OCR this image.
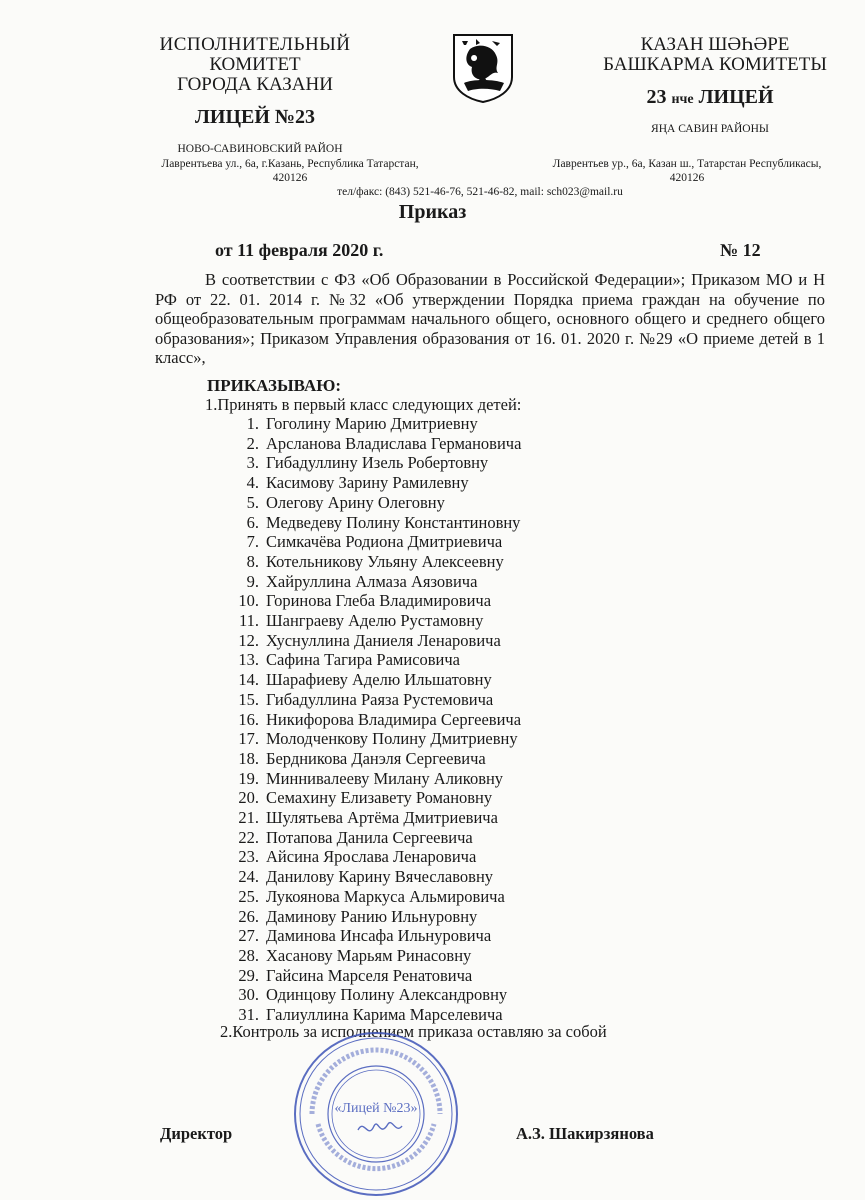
ИСПОЛНИТЕЛЬНЫЙ
КОМИТЕТ
ГОРОДА КАЗАНИ
ЛИЦЕЙ №23
НОВО-САВИНОВСКИЙ РАЙОН
Лаврентьева ул., 6а, г.Казань, Республика Татарстан,
420126
КАЗАН ШӘҺӘРЕ
БАШКАРМА КОМИТЕТЫ
23 нче ЛИЦЕЙ
ЯҢА САВИН РАЙОНЫ
Лаврентьев ур., 6а, Казан ш., Татарстан Республикасы,
420126
тел/факс: (843) 521-46-76, 521-46-82, mail: sch023@mail.ru
Приказ
от 11 февраля 2020 г.	№ 12
В соответствии с ФЗ «Об Образовании в Российской Федерации»; Приказом МО и Н РФ от 22. 01. 2014 г. №32 «Об утверждении Порядка приема граждан на обучение по общеобразовательным программам начального общего, основного общего и среднего общего образования»; Приказом Управления образования от 16. 01. 2020 г. №29 «О приеме детей в 1 класс»,
ПРИКАЗЫВАЮ:
1.Принять в первый класс следующих детей:
1. Гоголину Марию Дмитриевну
2. Арсланова Владислава Германовича
3. Гибадуллину Изель Робертовну
4. Касимову Зарину Рамилевну
5. Олегову Арину Олеговну
6. Медведеву Полину Константиновну
7. Симкачёва Родиона Дмитриевича
8. Котельникову Ульяну Алексеевну
9. Хайруллина Алмаза Аязовича
10. Горинова Глеба Владимировича
11. Шанграеву Аделю Рустамовну
12. Хуснуллина Даниеля Ленаровича
13. Сафина Тагира Рамисовича
14. Шарафиеву Аделю Ильшатовну
15. Гибадуллина Раяза Рустемовича
16. Никифорова Владимира Сергеевича
17. Молодченкову Полину Дмитриевну
18. Бердникова Данэля Сергеевича
19. Миннивалееву Милану Аликовну
20. Семахину Елизавету Романовну
21. Шулятьева Артёма Дмитриевича
22. Потапова Данила Сергеевича
23. Айсина Ярослава Ленаровича
24. Данилову Карину Вячеславовну
25. Лукоянова Маркуса Альмировича
26. Даминову Ранию Ильнуровну
27. Даминова Инсафа Ильнуровича
28. Хасанову Марьям Ринасовну
29. Гайсина Марселя Ренатовича
30. Одинцову Полину Александровну
31. Галиуллина Карима Марселевича
2.Контроль за исполнением приказа оставляю за собой
Директор	А.З. Шакирзянова
«Лицей №23»
